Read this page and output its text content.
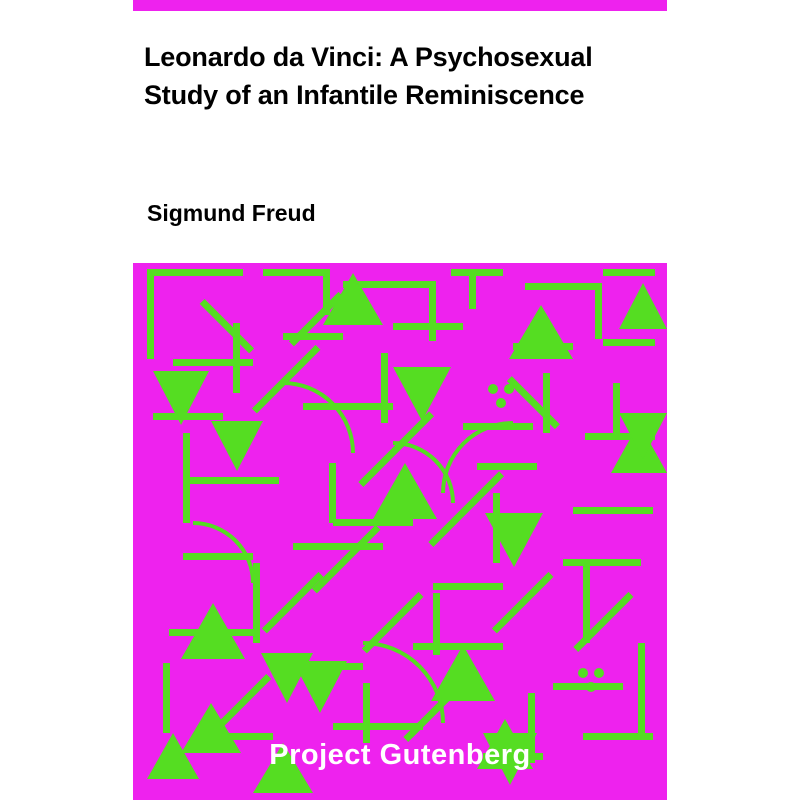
Leonardo da Vinci: A Psychosexual Study of an Infantile Reminiscence
Sigmund Freud
Project Gutenberg
